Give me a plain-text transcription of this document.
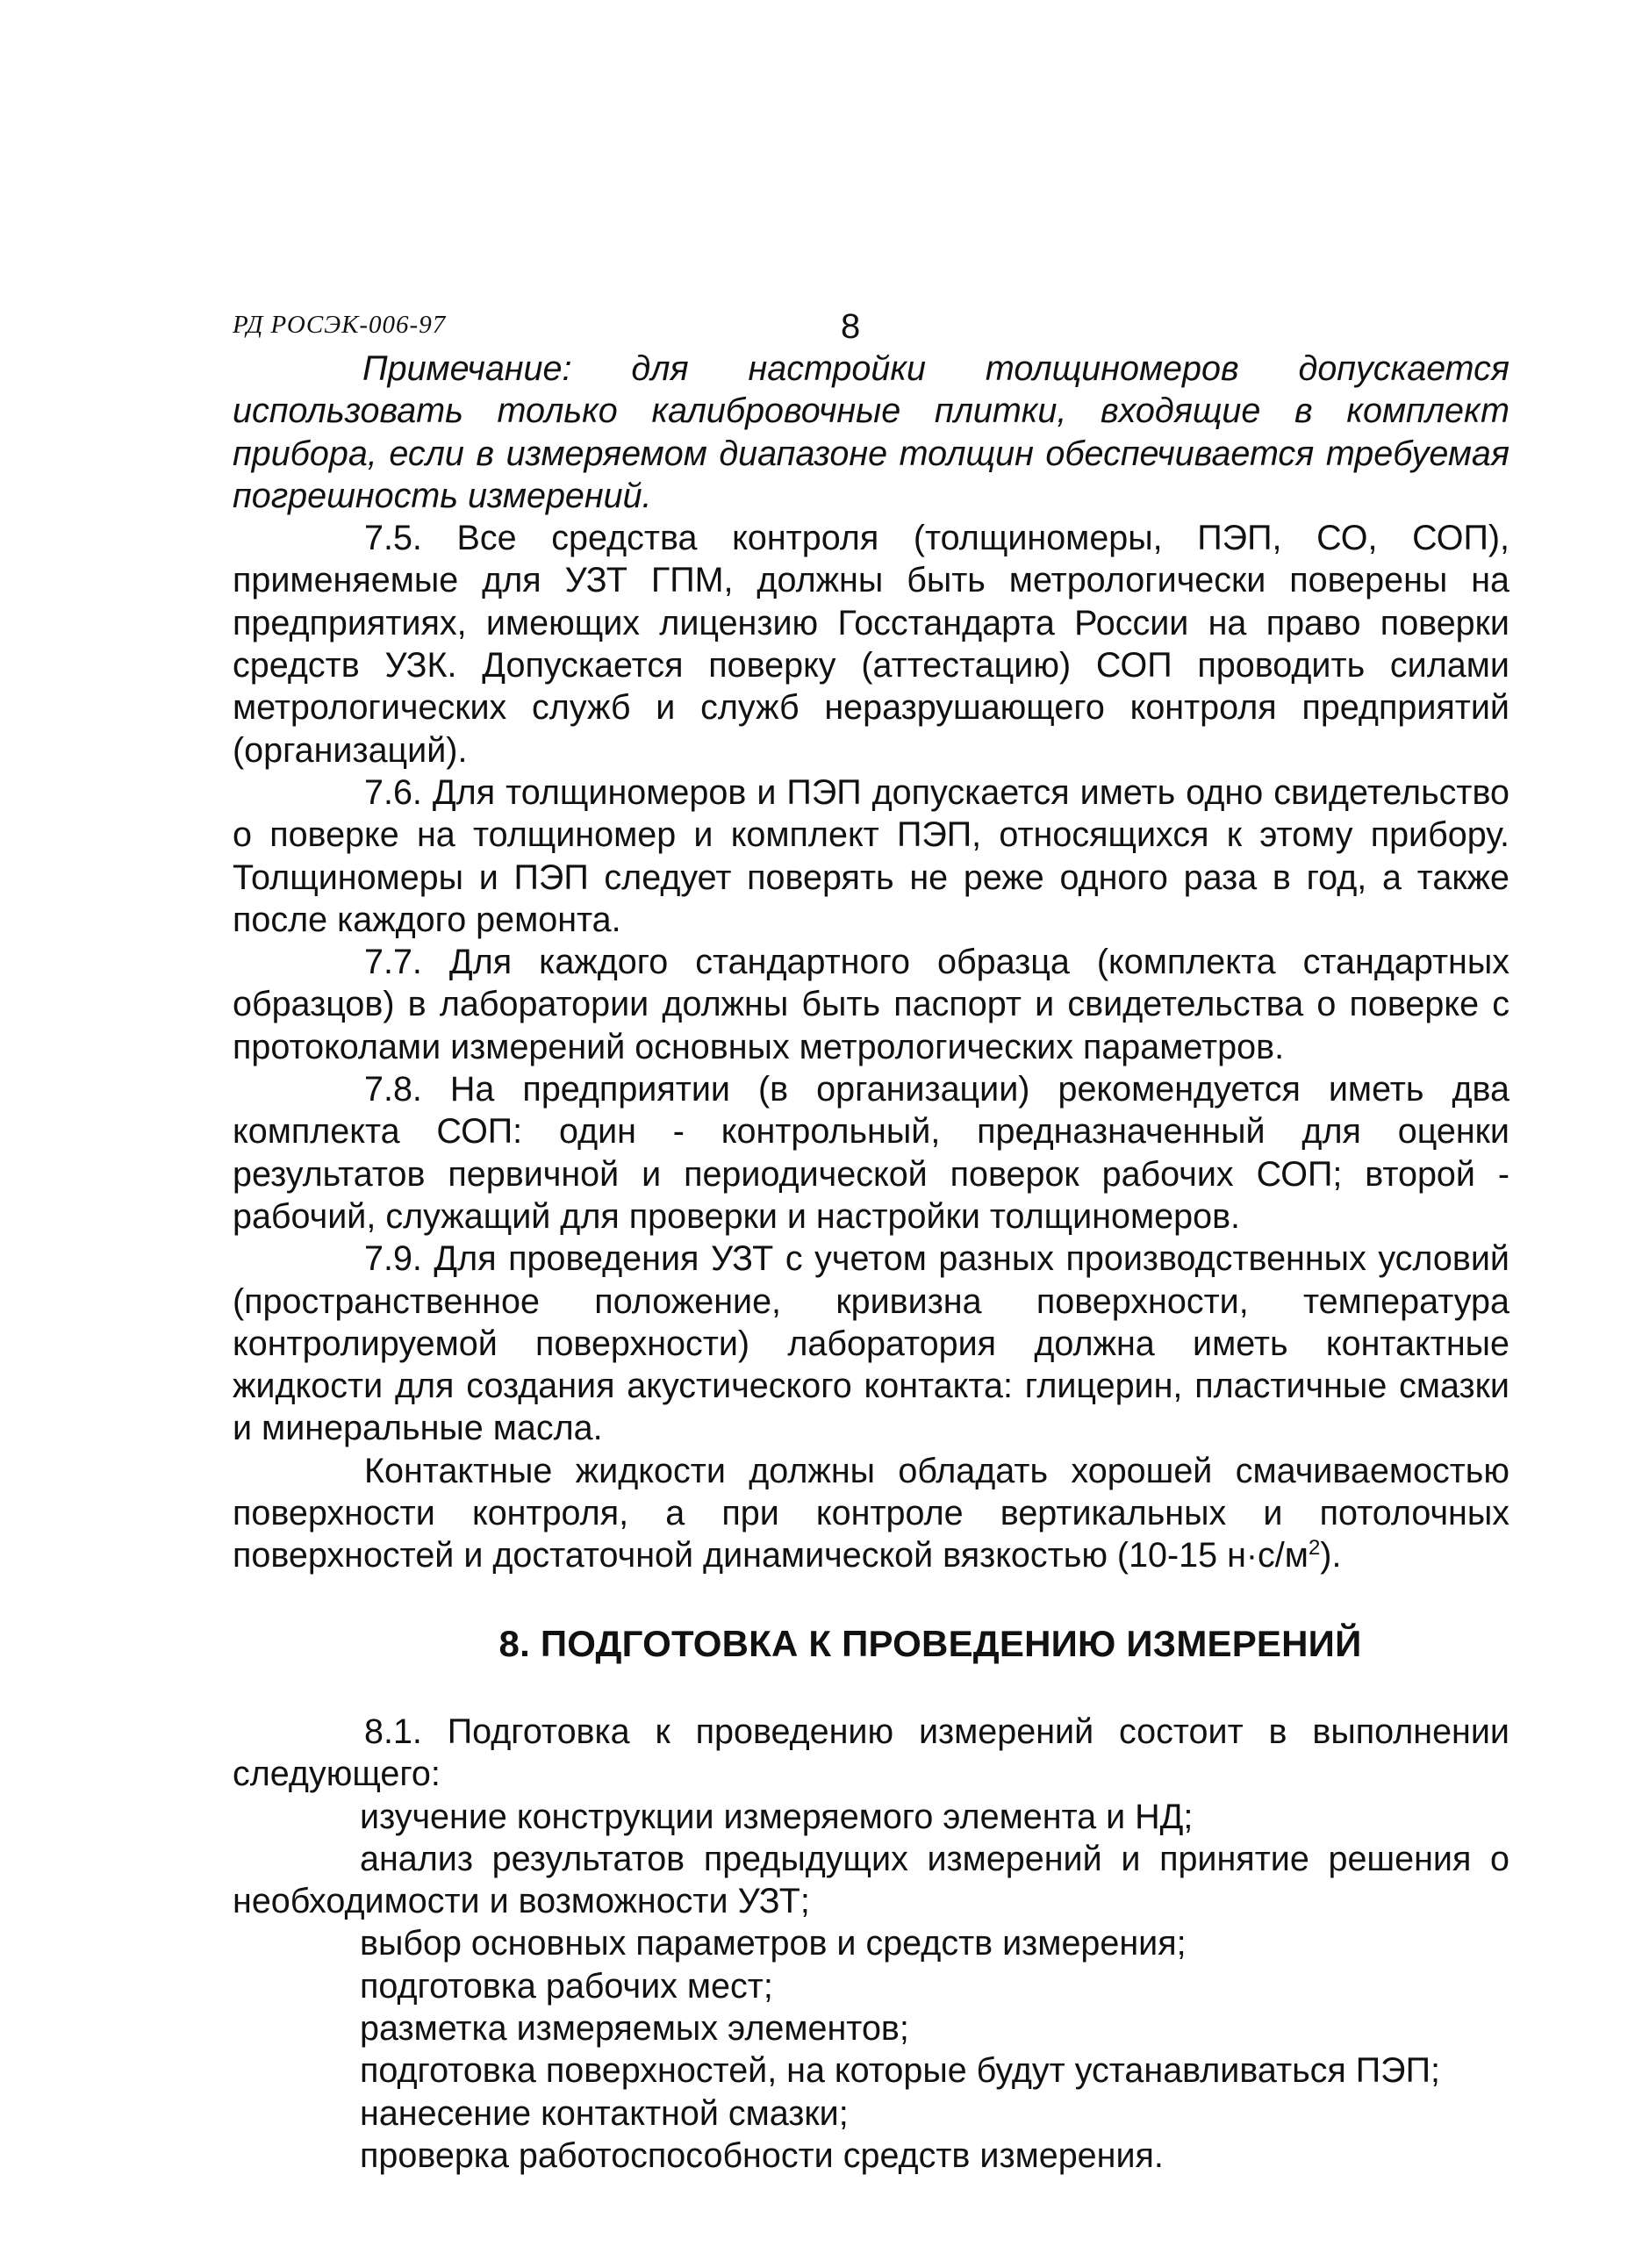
РД РОСЭК-006-97	8

Примечание: для настройки толщиномеров допускается использовать только калибровочные плитки, входящие в комплект прибора, если в измеряемом диапазоне толщин обеспечивается требуемая погрешность измерений.

7.5. Все средства контроля (толщиномеры, ПЭП, СО, СОП), применяемые для УЗТ ГПМ, должны быть метрологически поверены на предприятиях, имеющих лицензию Госстандарта России на право поверки средств УЗК. Допускается поверку (аттестацию) СОП проводить силами метрологических служб и служб неразрушающего контроля предприятий (организаций).

7.6. Для толщиномеров и ПЭП допускается иметь одно свидетельство о поверке на толщиномер и комплект ПЭП, относящихся к этому прибору. Толщиномеры и ПЭП следует поверять не реже одного раза в год, а также после каждого ремонта.

7.7. Для каждого стандартного образца (комплекта стандартных образцов) в лаборатории должны быть паспорт и свидетельства о поверке с протоколами измерений основных метрологических параметров.

7.8. На предприятии (в организации) рекомендуется иметь два комплекта СОП: один - контрольный, предназначенный для оценки результатов первичной и периодической поверок рабочих СОП; второй - рабочий, служащий для проверки и настройки толщиномеров.

7.9. Для проведения УЗТ с учетом разных производственных условий (пространственное положение, кривизна поверхности, температура контролируемой поверхности) лаборатория должна иметь контактные жидкости для создания акустического контакта: глицерин, пластичные смазки и минеральные масла.

Контактные жидкости должны обладать хорошей смачиваемостью поверхности контроля, а при контроле вертикальных и потолочных поверхностей и достаточной динамической вязкостью (10-15 $н\cdot с/м^2$).

8. ПОДГОТОВКА К ПРОВЕДЕНИЮ ИЗМЕРЕНИЙ

8.1. Подготовка к проведению измерений состоит в выполнении следующего:

изучение конструкции измеряемого элемента и НД;
анализ результатов предыдущих измерений и принятие решения о необходимости и возможности УЗТ;
выбор основных параметров и средств измерения;
подготовка рабочих мест;
разметка измеряемых элементов;
подготовка поверхностей, на которые будут устанавливаться ПЭП;
нанесение контактной смазки;
проверка работоспособности средств измерения.
